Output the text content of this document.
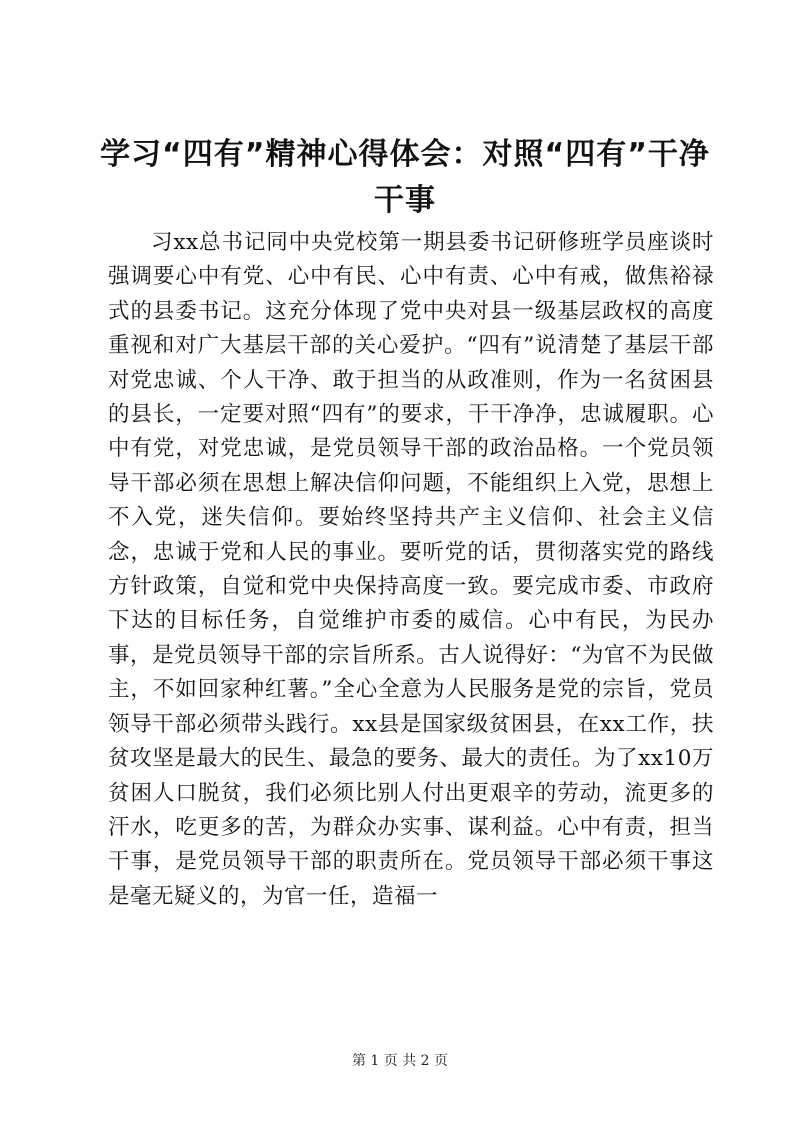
学习“四有”精神心得体会：对照“四有”干净干事

习xx总书记同中央党校第一期县委书记研修班学员座谈时强调要心中有党、心中有民、心中有责、心中有戒，做焦裕禄式的县委书记。这充分体现了党中央对县一级基层政权的高度重视和对广大基层干部的关心爱护。“四有”说清楚了基层干部对党忠诚、个人干净、敢于担当的从政准则，作为一名贫困县的县长，一定要对照“四有”的要求，干干净净，忠诚履职。心中有党，对党忠诚，是党员领导干部的政治品格。一个党员领导干部必须在思想上解决信仰问题，不能组织上入党，思想上不入党，迷失信仰。要始终坚持共产主义信仰、社会主义信念，忠诚于党和人民的事业。要听党的话，贯彻落实党的路线方针政策，自觉和党中央保持高度一致。要完成市委、市政府下达的目标任务，自觉维护市委的威信。心中有民，为民办事，是党员领导干部的宗旨所系。古人说得好：“为官不为民做主，不如回家种红薯。”全心全意为人民服务是党的宗旨，党员领导干部必须带头践行。xx县是国家级贫困县，在xx工作，扶贫攻坚是最大的民生、最急的要务、最大的责任。为了xx10万贫困人口脱贫，我们必须比别人付出更艰辛的劳动，流更多的汗水，吃更多的苦，为群众办实事、谋利益。心中有责，担当干事，是党员领导干部的职责所在。党员领导干部必须干事这是毫无疑义的，为官一任，造福一

第 1 页 共 2 页
